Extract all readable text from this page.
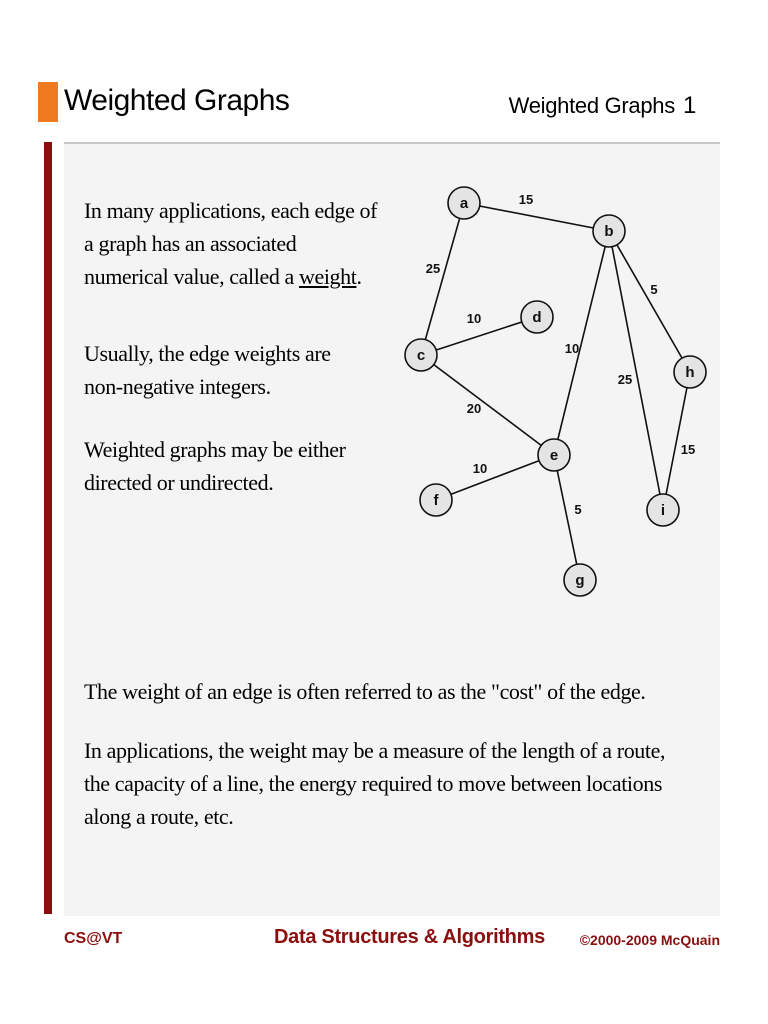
Weighted Graphs	Weighted Graphs 1
In many applications, each edge of a graph has an associated numerical value, called a weight.
Usually, the edge weights are non-negative integers.
Weighted graphs may be either directed or undirected.
15
25
10
20
10
5
25
15
10
5
a
b
c
d
e
f
g
h
i
The weight of an edge is often referred to as the "cost" of the edge.
In applications, the weight may be a measure of the length of a route, the capacity of a line, the energy required to move between locations along a route, etc.
CS@VT	Data Structures & Algorithms ©2000-2009 McQuain
